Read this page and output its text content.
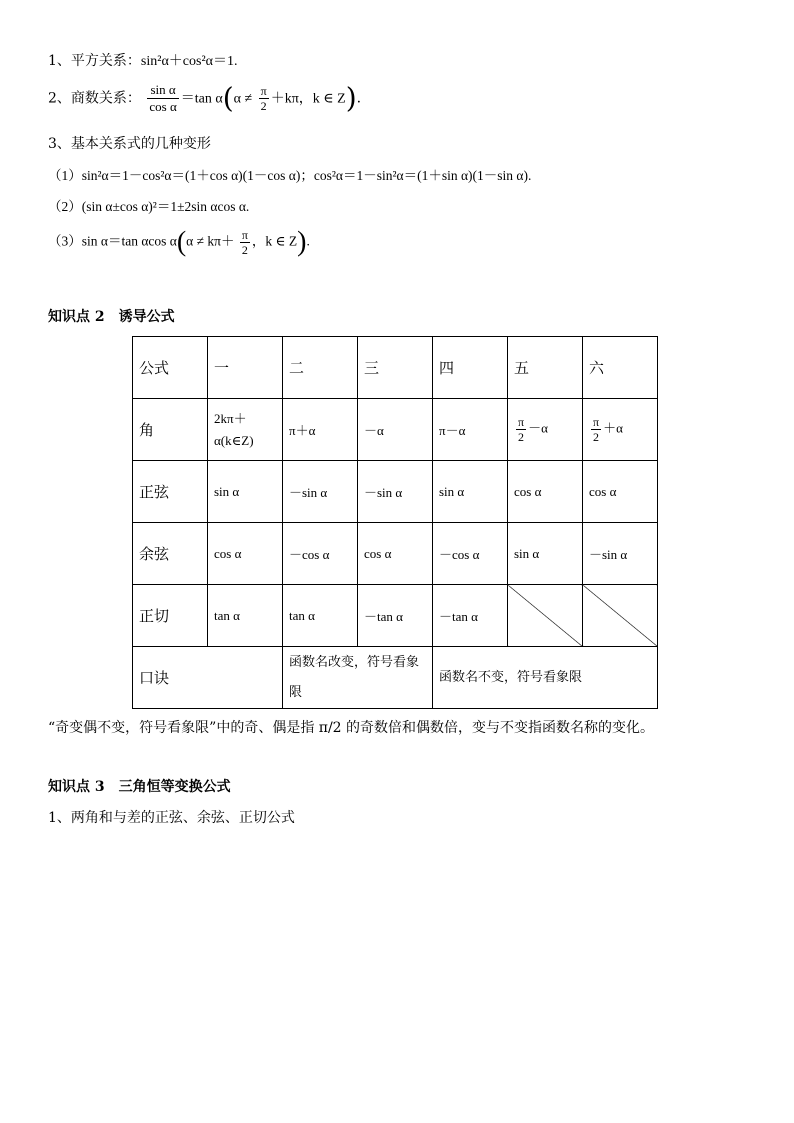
1、平方关系：sin²α＋cos²α＝1.
2、商数关系： $\frac{\text{sin α}}{\text{cos α}} =\tan$ $\alpha(\alpha \ne \frac{\pi}{2} +k\pi$，k ∈ Z).
3、基本关系式的几种变形
（1）sin²α＝1－cos²α＝(1＋cos α)(1－cos α)；cos²α＝1－sin²α＝(1＋sin α)(1－sin α).
（2）(sin α±cos α)²＝1±2sin αcos α.
（3）sin α＝tan αcos $\alpha(\alpha \ne k\pi+ \frac{\pi}{2}$ ，k ∈ Z).
知识点 2　诱导公式
公式	一	二	三	四	五	六
角	2kπ＋α(k∈Z)	π＋α	－α	π－α	$\frac{\pi}{2} -\alpha$	$\frac{\pi}{2} +\alpha$
正弦	sin α	－sin α	－sin α	sin α	cos α	cos α
余弦	cos α	－cos α	cos α	－cos α	sin α	－sin α
正切	tan α	tan α	－tan α	－tan α		
口诀		函数名改变，符号看象限		函数名不变，符号看象限		
“奇变偶不变，符号看象限”中的奇、偶是指 π/2 的奇数倍和偶数倍，变与不变指函数名称的变化。
知识点 3　三角恒等变换公式
1、两角和与差的正弦、余弦、正切公式
